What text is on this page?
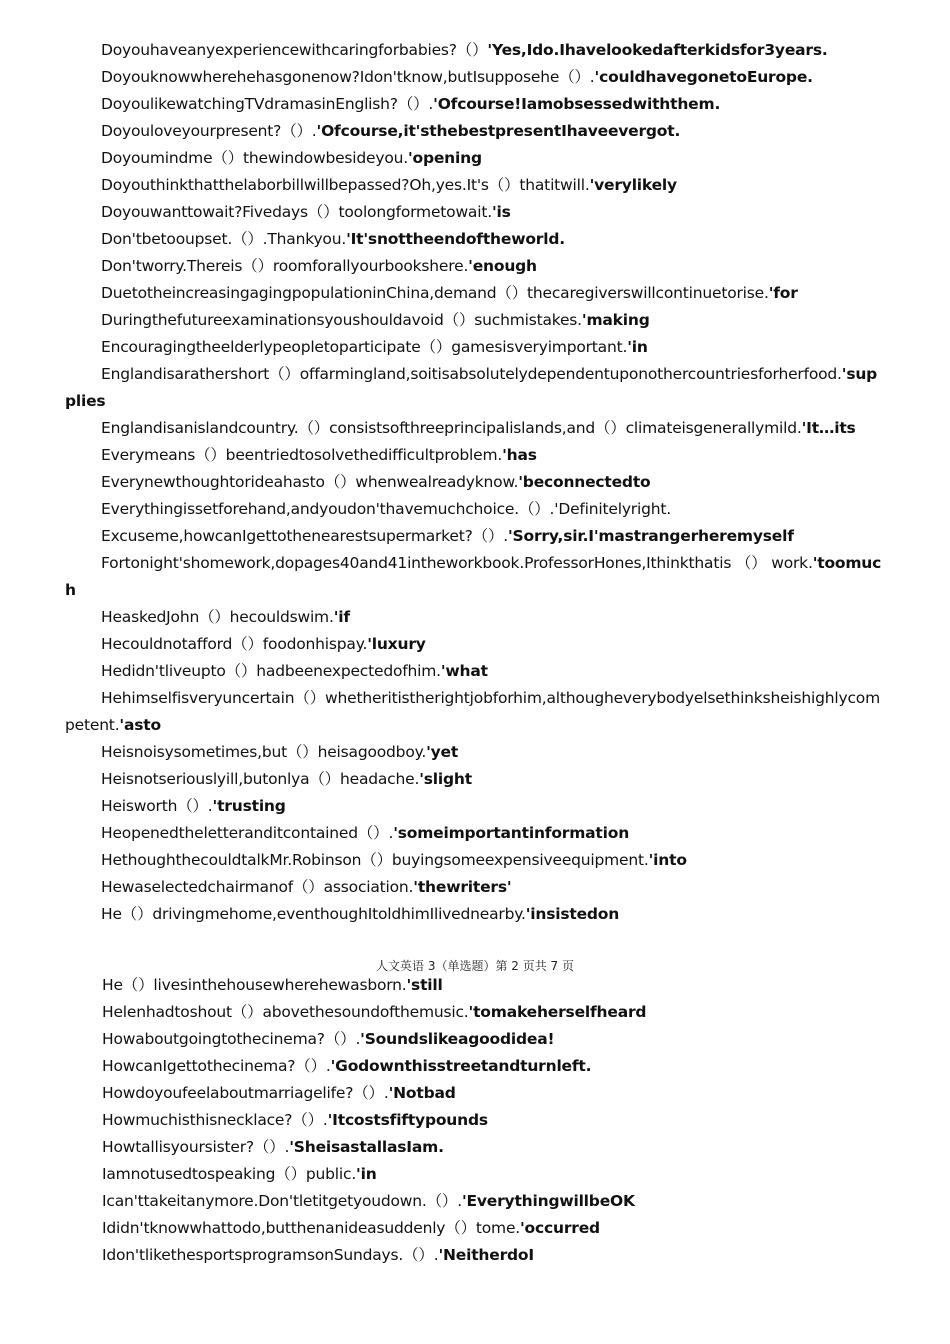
Doyouhaveanyexperiencewithcaringforbabies?（）'Yes,Ido.Ihavelookedafterkidsfor3years.

Doyouknowwherehehasgonenow?Idon'tknow,butIsupposehe（）.'couldhavegonetoEurope.

DoyoulikewatchingTVdramasinEnglish?（）.'Ofcourse!Iamobsessedwiththem.

Doyouloveyourpresent?（）.'Ofcourse,it'sthebestpresentIhaveevergot.

Doyoumindme（）thewindowbesideyou.'opening

Doyouthinkthatthelaborbillwillbepassed?Oh,yes.It's（）thatitwill.'verylikely

Doyouwanttowait?Fivedays（）toolongformetowait.'is

Don'tbetooupset.（）.Thankyou.'It'snottheendoftheworld.

Don'tworry.Thereis（）roomforallyourbookshere.'enough

DuetotheincreasingagingpopulationinChina,demand（）thecaregiverswillcontinuetorise.'for

Duringthefutureexaminationsyoushouldavoid（）suchmistakes.'making

Encouragingtheelderlypeopletoparticipate（）gamesisveryimportant.'in

Englandisarathershort（）offarmingland,soitisabsolutelydependentuponothercountriesforherfood.'supplies

Englandisanislandcountry.（）consistsofthreeprincipalislands,and（）climateisgenerallymild.'It…its

Everymeans（）beentriedtosolvethedifficultproblem.'has

Everynewthoughtorideahasto（）whenwealreadyknow.'beconnectedto

Everythingissetforehand,andyoudon'thavemuchchoice.（）.'Definitelyright.

Excuseme,howcanIgettothenearestsupermarket?（）.'Sorry,sir.I'mastrangerheremyself

Fortonight'shomework,dopages40and41intheworkbook.ProfessorHones,Ithinkthatis （） work.'toomuch

HeaskedJohn（）hecouldswim.'if

Hecouldnotafford（）foodonhispay.'luxury

Hedidn'tliveupto（）hadbeenexpectedofhim.'what

Hehimselfisveryuncertain（）whetheritistherightjobforhim,althougheverybodyelsethinksheishighlycompetent.'asto

Heisnoisysometimes,but（）heisagoodboy.'yet

Heisnotseriouslyill,butonlya（）headache.'slight

Heisworth（）.'trusting

Heopenedtheletteranditcontained（）.'someimportantinformation

HethoughthecouldtalkMr.Robinson（）buyingsomeexpensiveequipment.'into

Hewaselectedchairmanof（）association.'thewriters'

He（）drivingmehome,eventhoughItoldhimIlivednearby.'insistedon

人文英语 3（单选题）第 2 页共 7 页

He（）livesinthehousewherehewasborn.'still

Helenhadtoshout（）abovethesoundofthemusic.'tomakeherselfheard

Howaboutgoingtothecinema?（）.'Soundslikeagoodidea!

HowcanIgettothecinema?（）.'Godownthisstreetandturnleft.

Howdoyoufeelaboutmarriagelife?（）.'Notbad

Howmuchisthisnecklace?（）.'Itcostsfiftypounds

Howtallisyoursister?（）.'SheisastallasIam.

Iamnotusedtospeaking（）public.'in

Ican'ttakeitanymore.Don'tletitgetyoudown.（）.'EverythingwillbeOK

Ididn'tknowwhattodo,butthenanideasuddenly（）tome.'occurred

Idon'tlikethesportsprogramsonSundays.（）.'NeitherdoI
